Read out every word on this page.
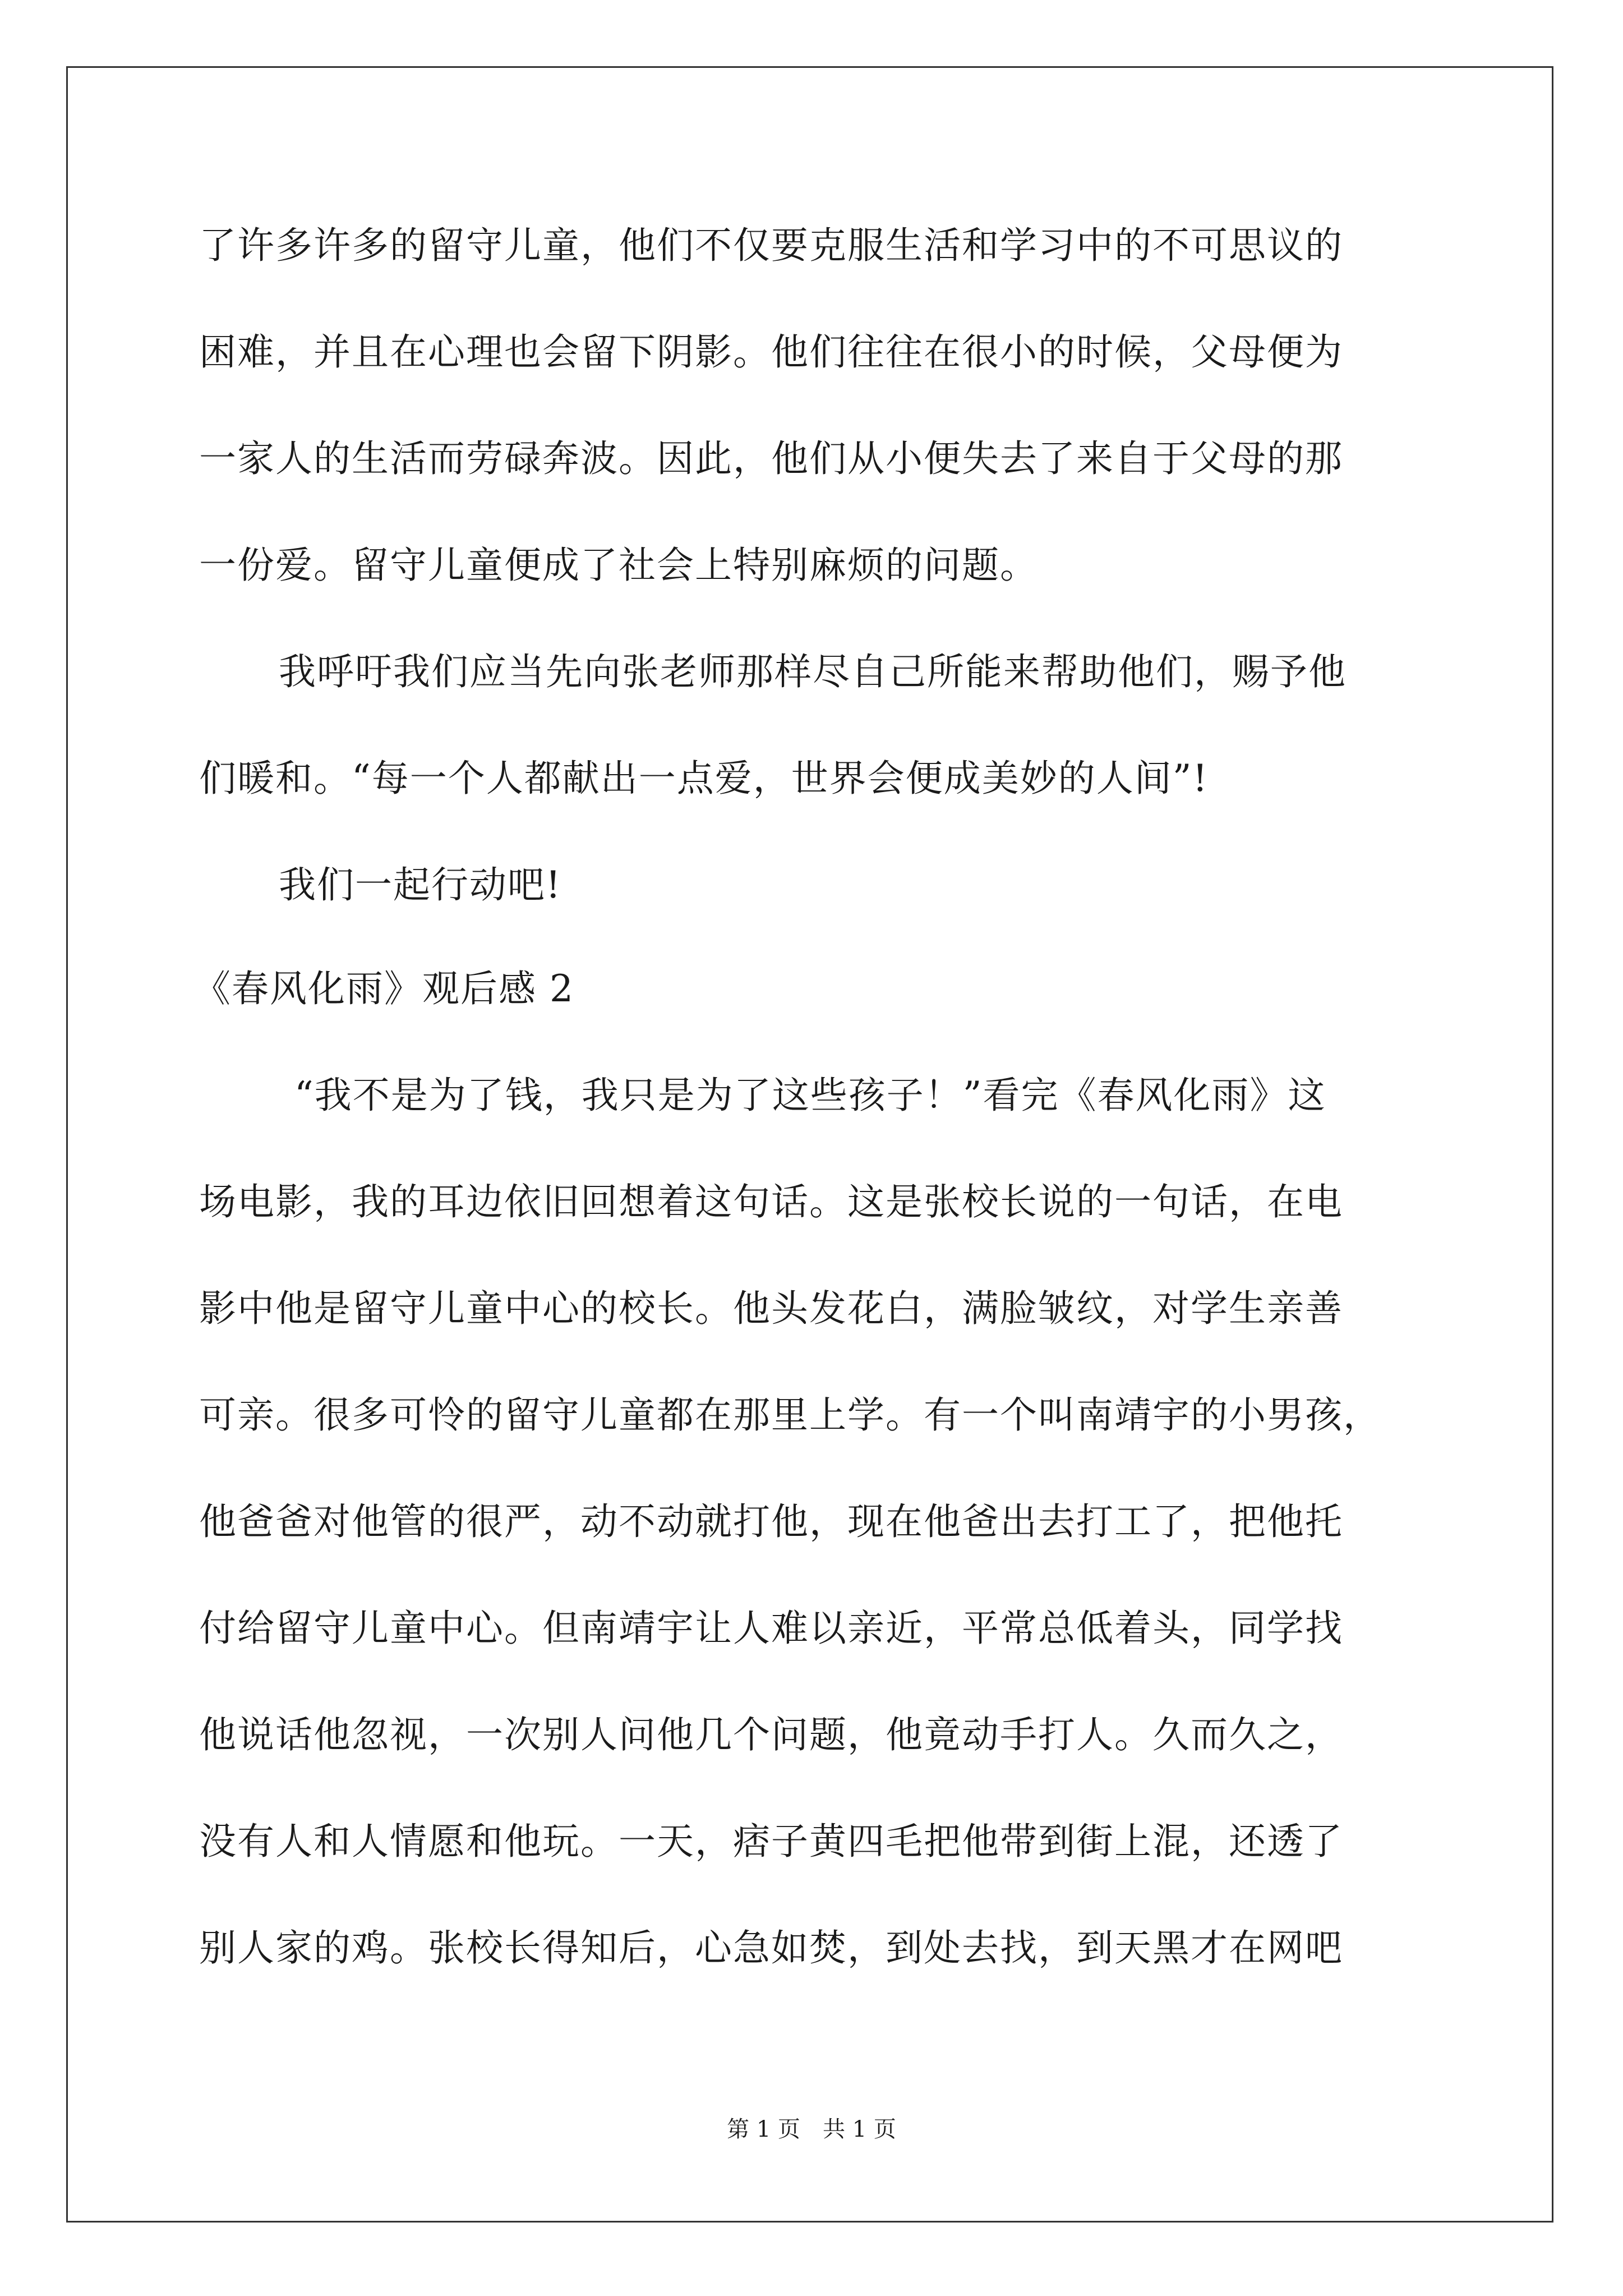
了许多许多的留守儿童，他们不仅要克服生活和学习中的不可思议的
困难，并且在心理也会留下阴影。他们往往在很小的时候，父母便为
一家人的生活而劳碌奔波。因此，他们从小便失去了来自于父母的那
一份爱。留守儿童便成了社会上特别麻烦的问题。
我呼吁我们应当先向张老师那样尽自己所能来帮助他们，赐予他
们暖和。“每一个人都献出一点爱，世界会便成美妙的人间”!
我们一起行动吧!
《春风化雨》观后感 2
“我不是为了钱，我只是为了这些孩子！”看完《春风化雨》这
场电影，我的耳边依旧回想着这句话。这是张校长说的一句话，在电
影中他是留守儿童中心的校长。他头发花白，满脸皱纹，对学生亲善
可亲。很多可怜的留守儿童都在那里上学。有一个叫南靖宇的小男孩，
他爸爸对他管的很严，动不动就打他，现在他爸出去打工了，把他托
付给留守儿童中心。但南靖宇让人难以亲近，平常总低着头，同学找
他说话他忽视，一次别人问他几个问题，他竟动手打人。久而久之，
没有人和人情愿和他玩。一天，痞子黄四毛把他带到街上混，还透了
别人家的鸡。张校长得知后，心急如焚，到处去找，到天黑才在网吧
第 1 页　共 1 页
